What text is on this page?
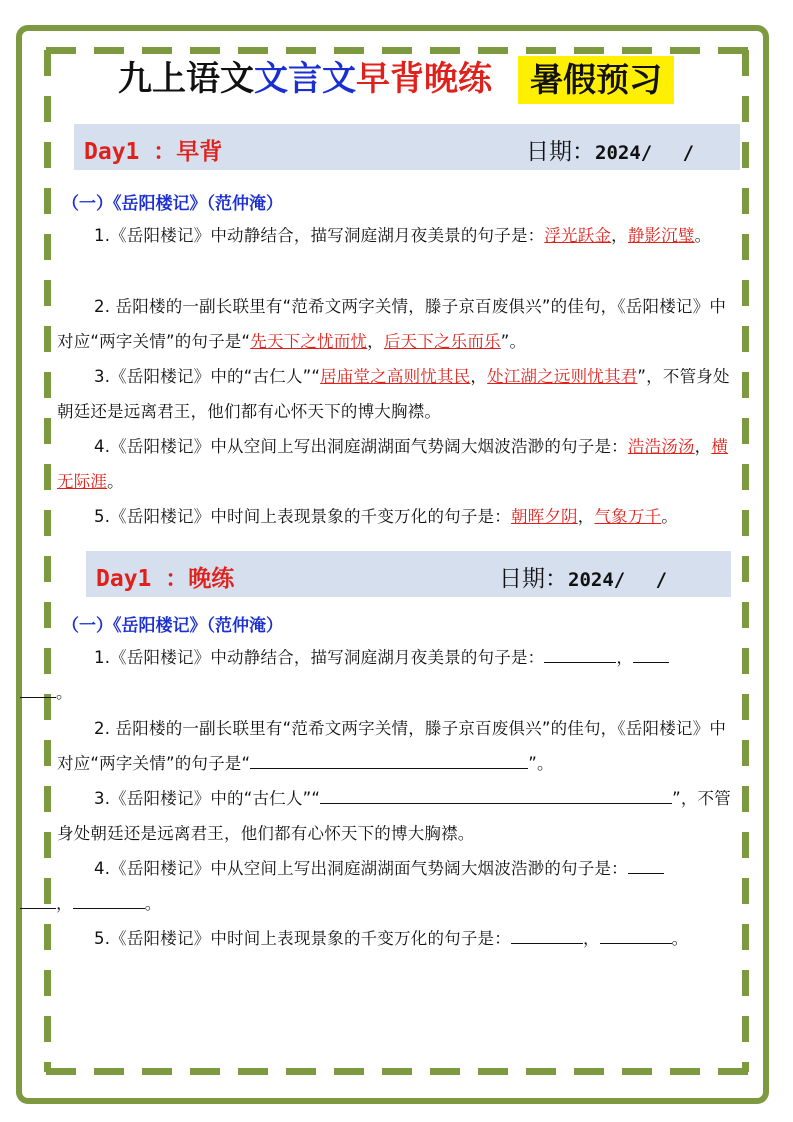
九上语文文言文早背晚练	暑假预习
Day1 ：早背	日期：2024/　 /
（一）《岳阳楼记》（范仲淹）

1.《岳阳楼记》中动静结合，描写洞庭湖月夜美景的句子是：浮光跃金，静影沉璧。

2. 岳阳楼的一副长联里有“范希文两字关情，滕子京百废俱兴”的佳句，《岳阳楼记》中对应“两字关情”的句子是“先天下之忧而忧，后天下之乐而乐”。

3.《岳阳楼记》中的“古仁人”“居庙堂之高则忧其民，处江湖之远则忧其君”，不管身处朝廷还是远离君王，他们都有心怀天下的博大胸襟。

4.《岳阳楼记》中从空间上写出洞庭湖湖面气势阔大烟波浩渺的句子是：浩浩汤汤，横无际涯。

5.《岳阳楼记》中时间上表现景象的千变万化的句子是：朝晖夕阴，气象万千。

Day1 ：晚练	日期：2024/　 /
（一）《岳阳楼记》（范仲淹）

1.《岳阳楼记》中动静结合，描写洞庭湖月夜美景的句子是：	，
。

2. 岳阳楼的一副长联里有“范希文两字关情，滕子京百废俱兴”的佳句，《岳阳楼记》中对应“两字关情”的句子是“	”。

3.《岳阳楼记》中的“古仁人”“	”，不管身处朝廷还是远离君王，他们都有心怀天下的博大胸襟。

4.《岳阳楼记》中从空间上写出洞庭湖湖面气势阔大烟波浩渺的句子是：
，	。

5.《岳阳楼记》中时间上表现景象的千变万化的句子是：	，	。
